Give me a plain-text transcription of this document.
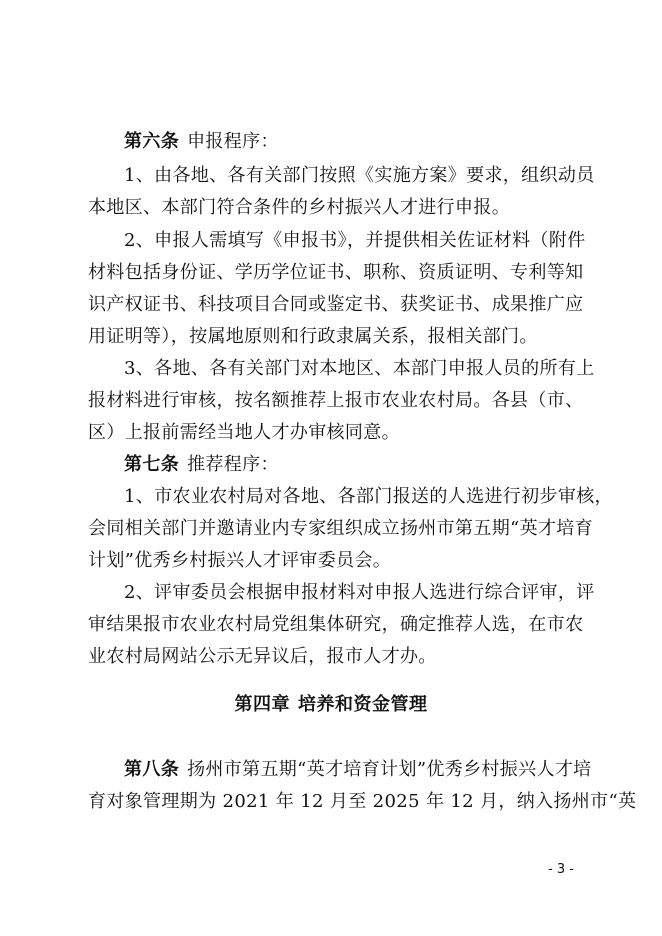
第六条 申报程序：
1、由各地、各有关部门按照《实施方案》要求，组织动员
本地区、本部门符合条件的乡村振兴人才进行申报。
2、申报人需填写《申报书》，并提供相关佐证材料（附件
材料包括身份证、学历学位证书、职称、资质证明、专利等知
识产权证书、科技项目合同或鉴定书、获奖证书、成果推广应
用证明等），按属地原则和行政隶属关系，报相关部门。
3、各地、各有关部门对本地区、本部门申报人员的所有上
报材料进行审核，按名额推荐上报市农业农村局。各县（市、
区）上报前需经当地人才办审核同意。
第七条 推荐程序：
1、市农业农村局对各地、各部门报送的人选进行初步审核，
会同相关部门并邀请业内专家组织成立扬州市第五期“英才培育
计划”优秀乡村振兴人才评审委员会。
2、评审委员会根据申报材料对申报人选进行综合评审，评
审结果报市农业农村局党组集体研究，确定推荐人选，在市农
业农村局网站公示无异议后，报市人才办。
第四章 培养和资金管理
第八条 扬州市第五期“英才培育计划”优秀乡村振兴人才培
育对象管理期为 2021 年 12 月至 2025 年 12 月，纳入扬州市“英
- 3 -
